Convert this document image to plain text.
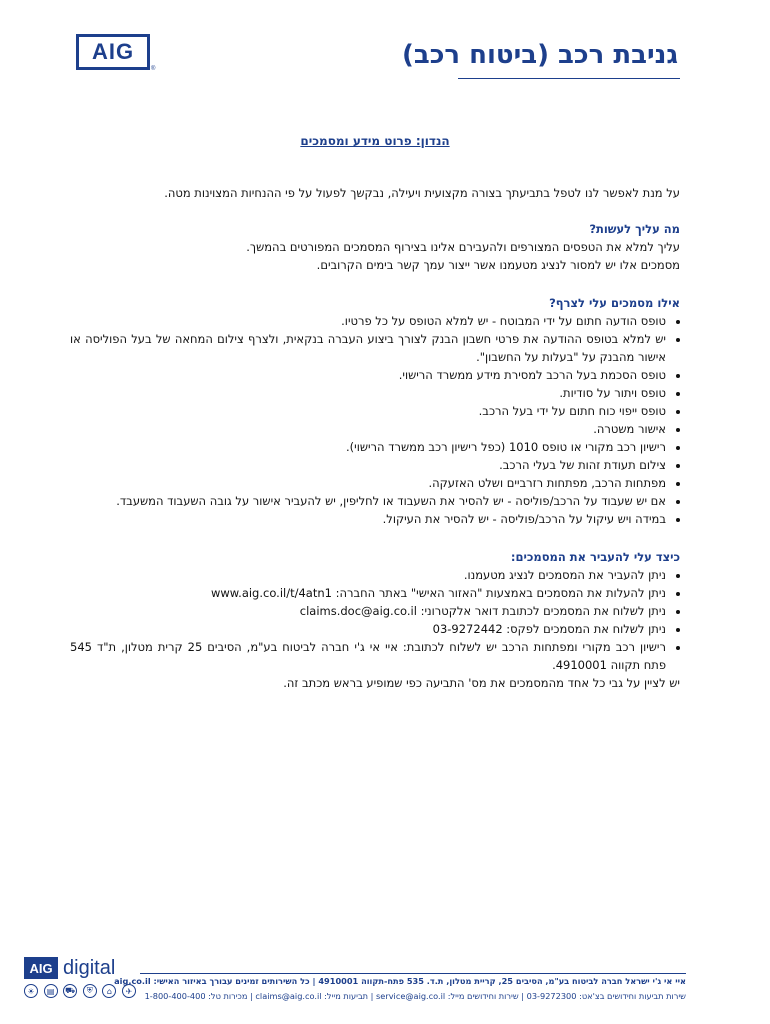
AIG
®	גניבת רכב (ביטוח רכב)
הנדון: פרוט מידע ומסמכים

על מנת לאפשר לנו לטפל בתביעתך בצורה מקצועית ויעילה, נבקשך לפעול על פי ההנחיות המצוינות מטה.

מה עליך לעשות?

עליך למלא את הטפסים המצורפים ולהעבירם אלינו בצירוף המסמכים המפורטים בהמשך.

מסמכים אלו יש למסור לנציג מטעמנו אשר ייצור עמך קשר בימים הקרובים.

אילו מסמכים עלי לצרף?

• טופס הודעה חתום על ידי המבוטח - יש למלא הטופס על כל פרטיו.
• יש למלא בטופס ההודעה את פרטי חשבון הבנק לצורך ביצוע העברה בנקאית, ולצרף צילום המחאה של בעל הפוליסה או אישור מהבנק על "בעלות על החשבון".
• טופס הסכמת בעל הרכב למסירת מידע ממשרד הרישוי.
• טופס ויתור על סודיות.
• טופס ייפוי כוח חתום על ידי בעל הרכב.
• אישור משטרה.
• רישיון רכב מקורי או טופס 1010 (כפל רישיון רכב ממשרד הרישוי).
• צילום תעודת זהות של בעלי הרכב.
• מפתחות הרכב, מפתחות רזרביים ושלט האזעקה.
• אם יש שעבוד על הרכב/פוליסה - יש להסיר את השעבוד או לחליפין, יש להעביר אישור על גובה השעבוד המשעבד.
• במידה ויש עיקול על הרכב/פוליסה - יש להסיר את העיקול.

כיצד עלי להעביר את המסמכים:

• ניתן להעביר את המסמכים לנציג מטעמנו.
• ניתן להעלות את המסמכים באמצעות "האזור האישי" באתר החברה: www.aig.co.il/t/4atn1
• ניתן לשלוח את המסמכים לכתובת דואר אלקטרוני: claims.doc@aig.co.il
• ניתן לשלוח את המסמכים לפקס: 03-9272442
• רישיון רכב מקורי ומפתחות הרכב יש לשלוח לכתובת: איי אי ג'י חברה לביטוח בע"מ, הסיבים 25 קרית מטלון, ת"ד 545 פתח תקווה 4910001.

יש לציין על גבי כל אחד מהמסמכים את מס' התביעה כפי שמופיע בראש מכתב זה.

AIG digital
☀	▤	⛟	⛨	⌂	✈
איי אי ג'י ישראל חברה לביטוח בע"מ, הסיבים 25, קריית מטלון, ת.ד. 535 פתח-תקווה 4910001 | כל השירותים זמינים עבורך באיזור האישי: aig.co.il
שירות תביעות וחידושים בצ'אט: 03-9272300 | שירות וחידושים מייל: service@aig.co.il | תביעות מייל: claims@aig.co.il | מכירות טל: 1-800-400-400
